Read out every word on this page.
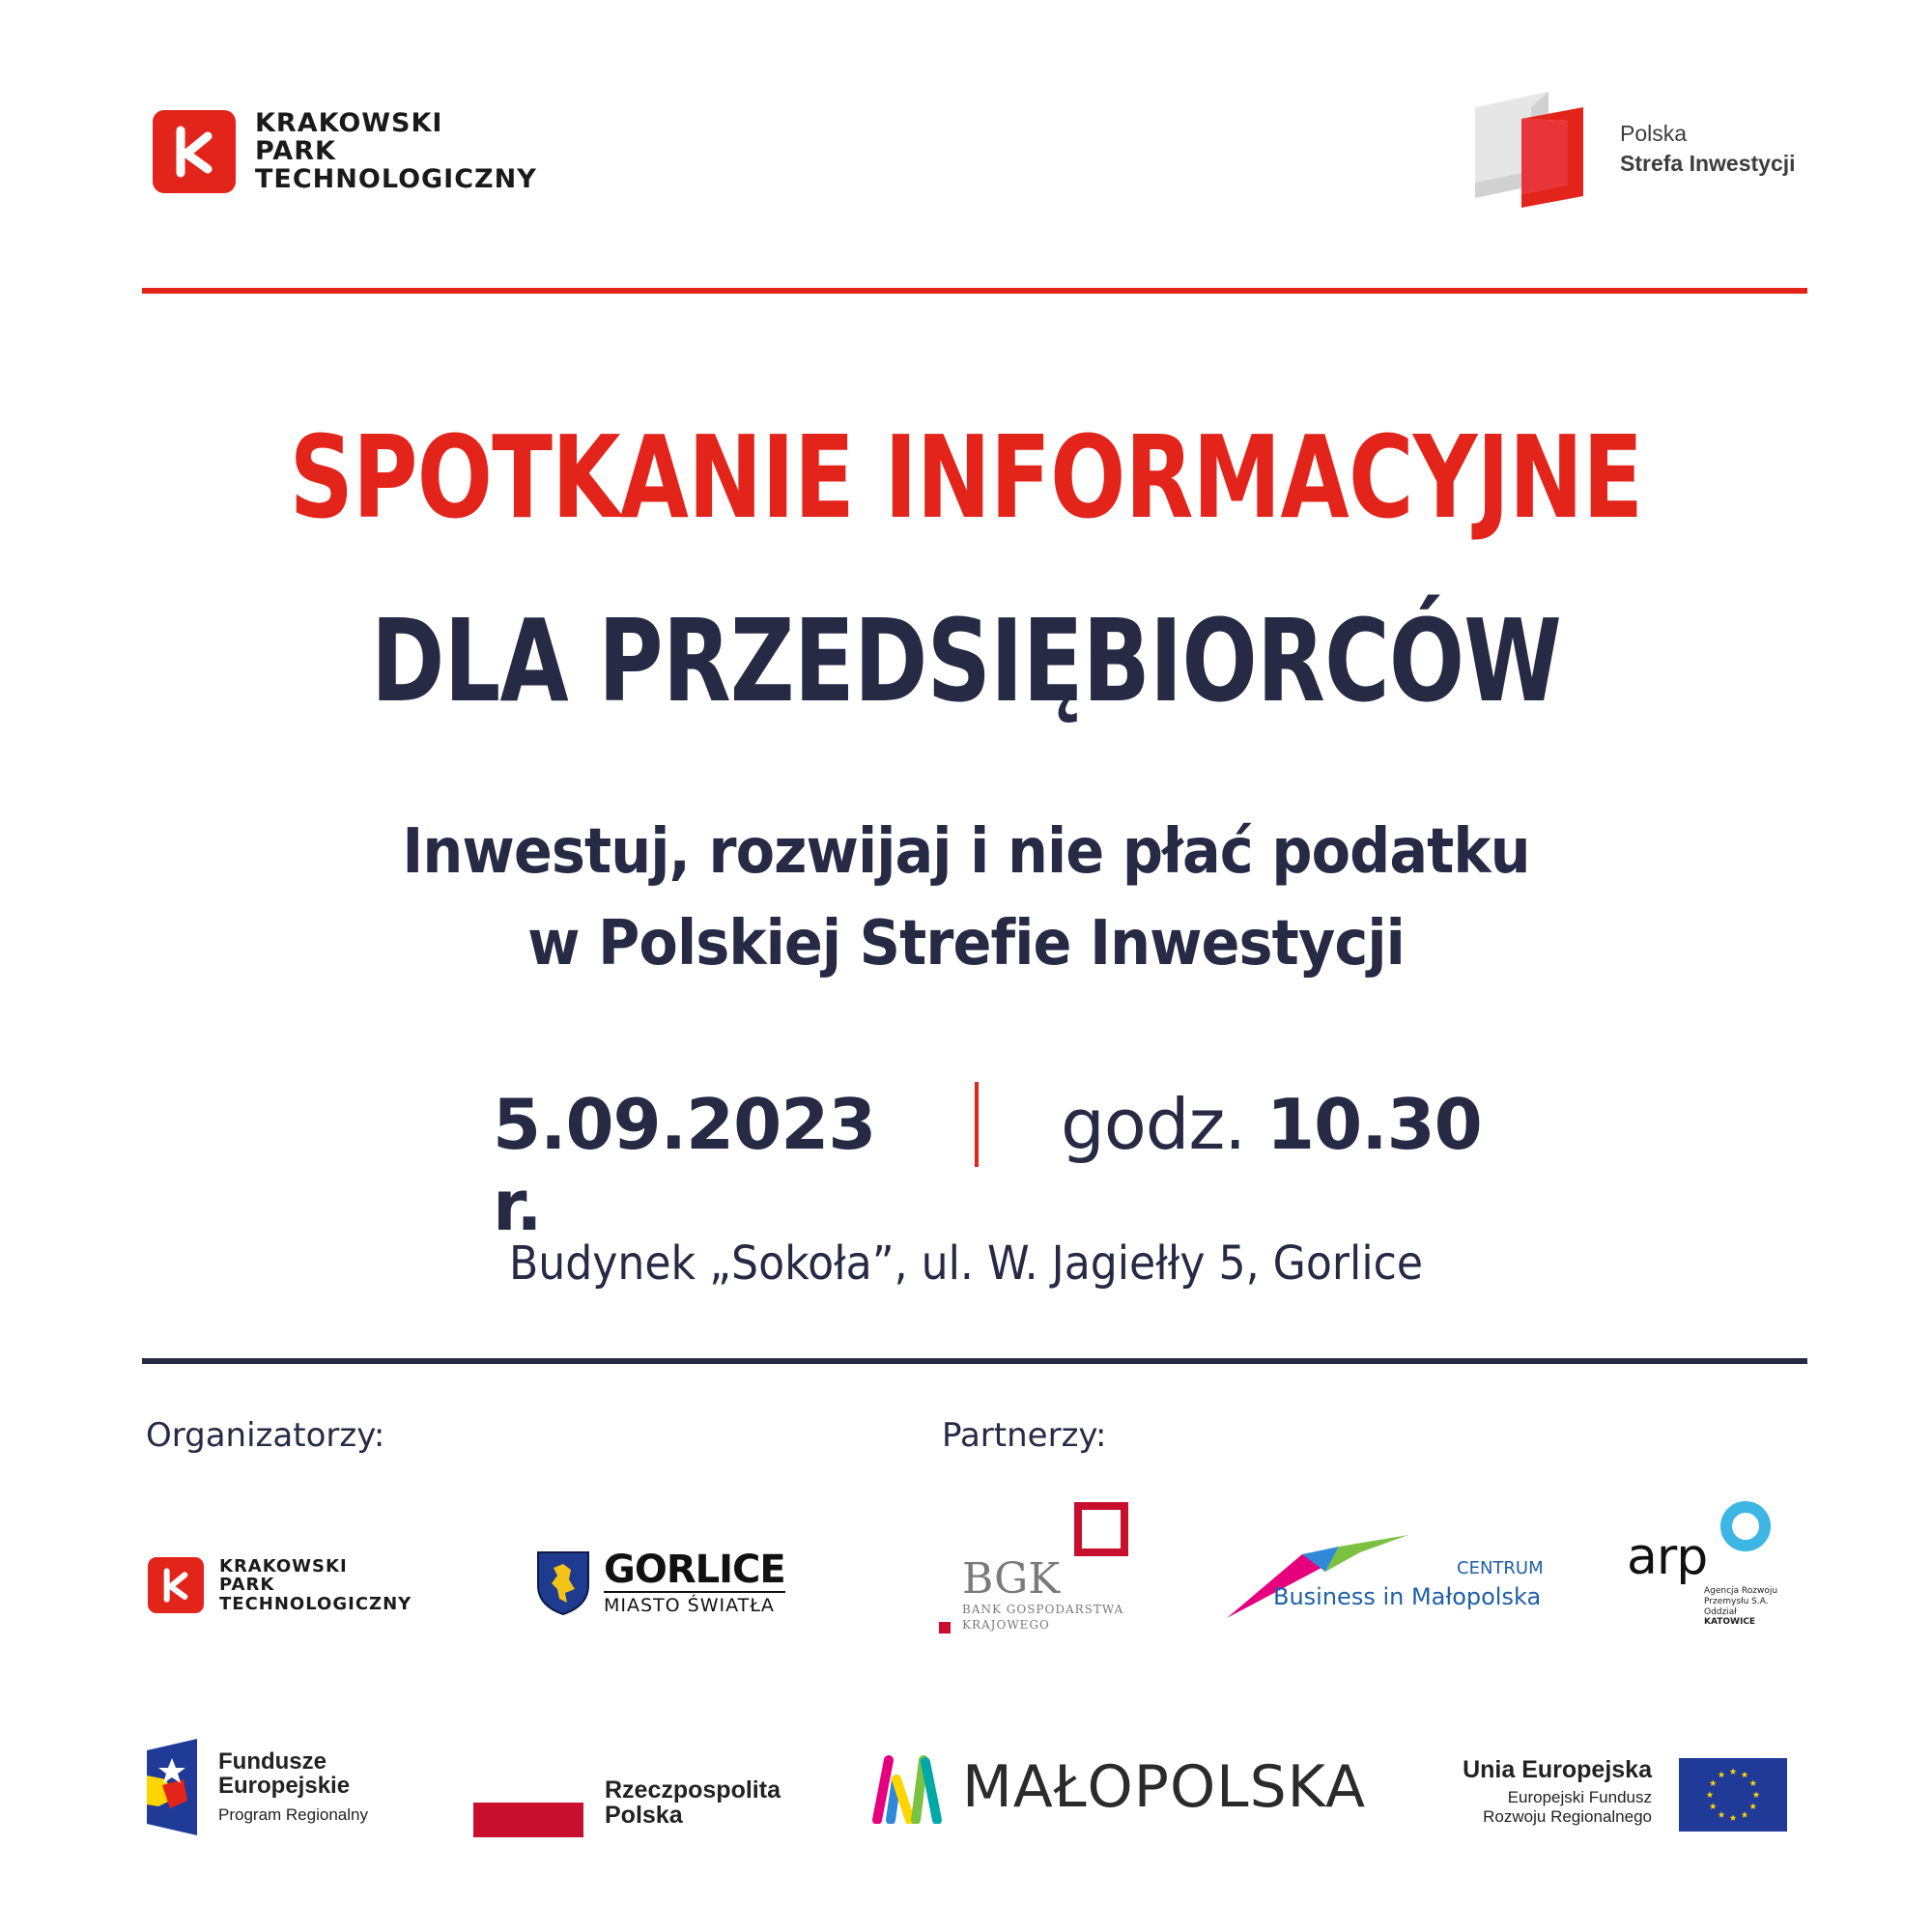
KRAKOWSKI
PARK
TECHNOLOGICZNY
Polska
Strefa Inwestycji
SPOTKANIE INFORMACYJNE
DLA PRZEDSIĘBIORCÓW
Inwestuj, rozwijaj i nie płać podatku
w Polskiej Strefie Inwestycji
5.09.2023 r.
godz. 10.30
Budynek „Sokoła”, ul. W. Jagiełły 5, Gorlice
Organizatorzy:	Partnerzy:
KRAKOWSKI
PARK
TECHNOLOGICZNY
GORLICE
MIASTO ŚWIATŁA
BGK
BANK GOSPODARSTWA
KRAJOWEGO
CENTRUM
Business in Małopolska
arp
Agencja Rozwoju
Przemysłu S.A.
Oddział
KATOWICE
Fundusze
Europejskie
Program Regionalny
Rzeczpospolita
Polska	MAŁOPOLSKA	Unia Europejska
Europejski Fundusz
Rozwoju Regionalnego
